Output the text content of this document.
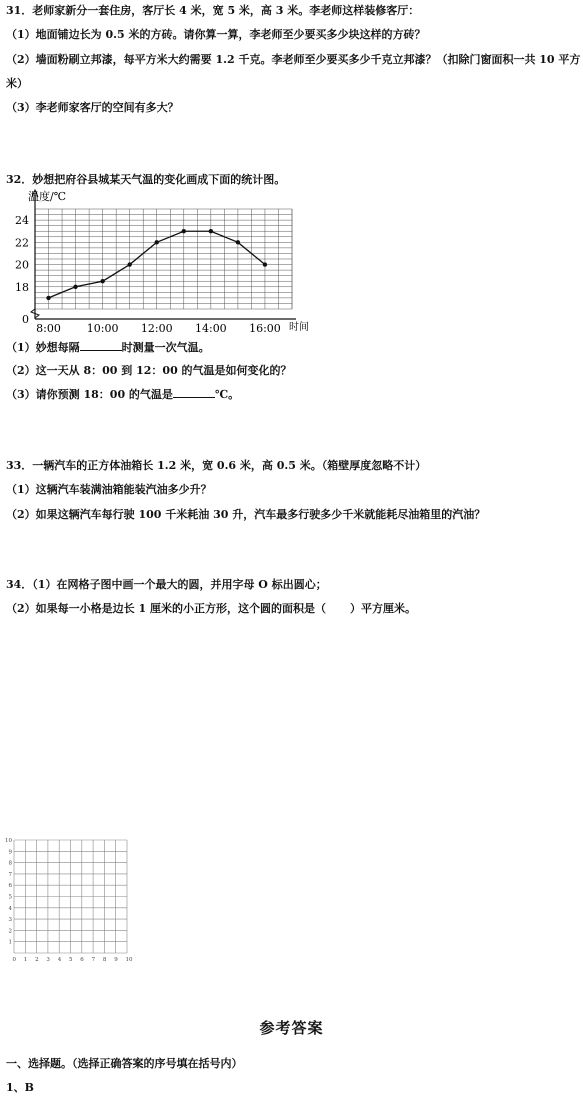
31．老师家新分一套住房，客厅长 4 米，宽 5 米，高 3 米。李老师这样装修客厅：
（1）地面铺边长为 0.5 米的方砖。请你算一算，李老师至少要买多少块这样的方砖？
（2）墙面粉刷立邦漆，每平方米大约需要 1.2 千克。李老师至少要买多少千克立邦漆？（扣除门窗面积一共 10 平方
米）
（3）李老师家客厅的空间有多大？
32．妙想把府谷县城某天气温的变化画成下面的统计图。
温度/℃
时间
0
18
20
22
24
8:00 10:00 12:00 14:00 16:00
（1）妙想每隔	时测量一次气温。
（2）这一天从 8：00 到 12：00 的气温是如何变化的？
（3）请你预测 18：00 的气温是	℃。
33．一辆汽车的正方体油箱长 1.2 米，宽 0.6 米，高 0.5 米。（箱壁厚度忽略不计）
（1）这辆汽车装满油箱能装汽油多少升？
（2）如果这辆汽车每行驶 100 千米耗油 30 升，汽车最多行驶多少千米就能耗尽油箱里的汽油？
34．（1）在网格子图中画一个最大的圆，并用字母 O 标出圆心；
（2）如果每一小格是边长 1 厘米的小正方形，这个圆的面积是（ ）平方厘米。
0 1 2 3 4 5 6 7 8 9 10
1
2
3
4
5
6
7
8
9
10
参考答案
一、选择题。（选择正确答案的序号填在括号内）
1、B
